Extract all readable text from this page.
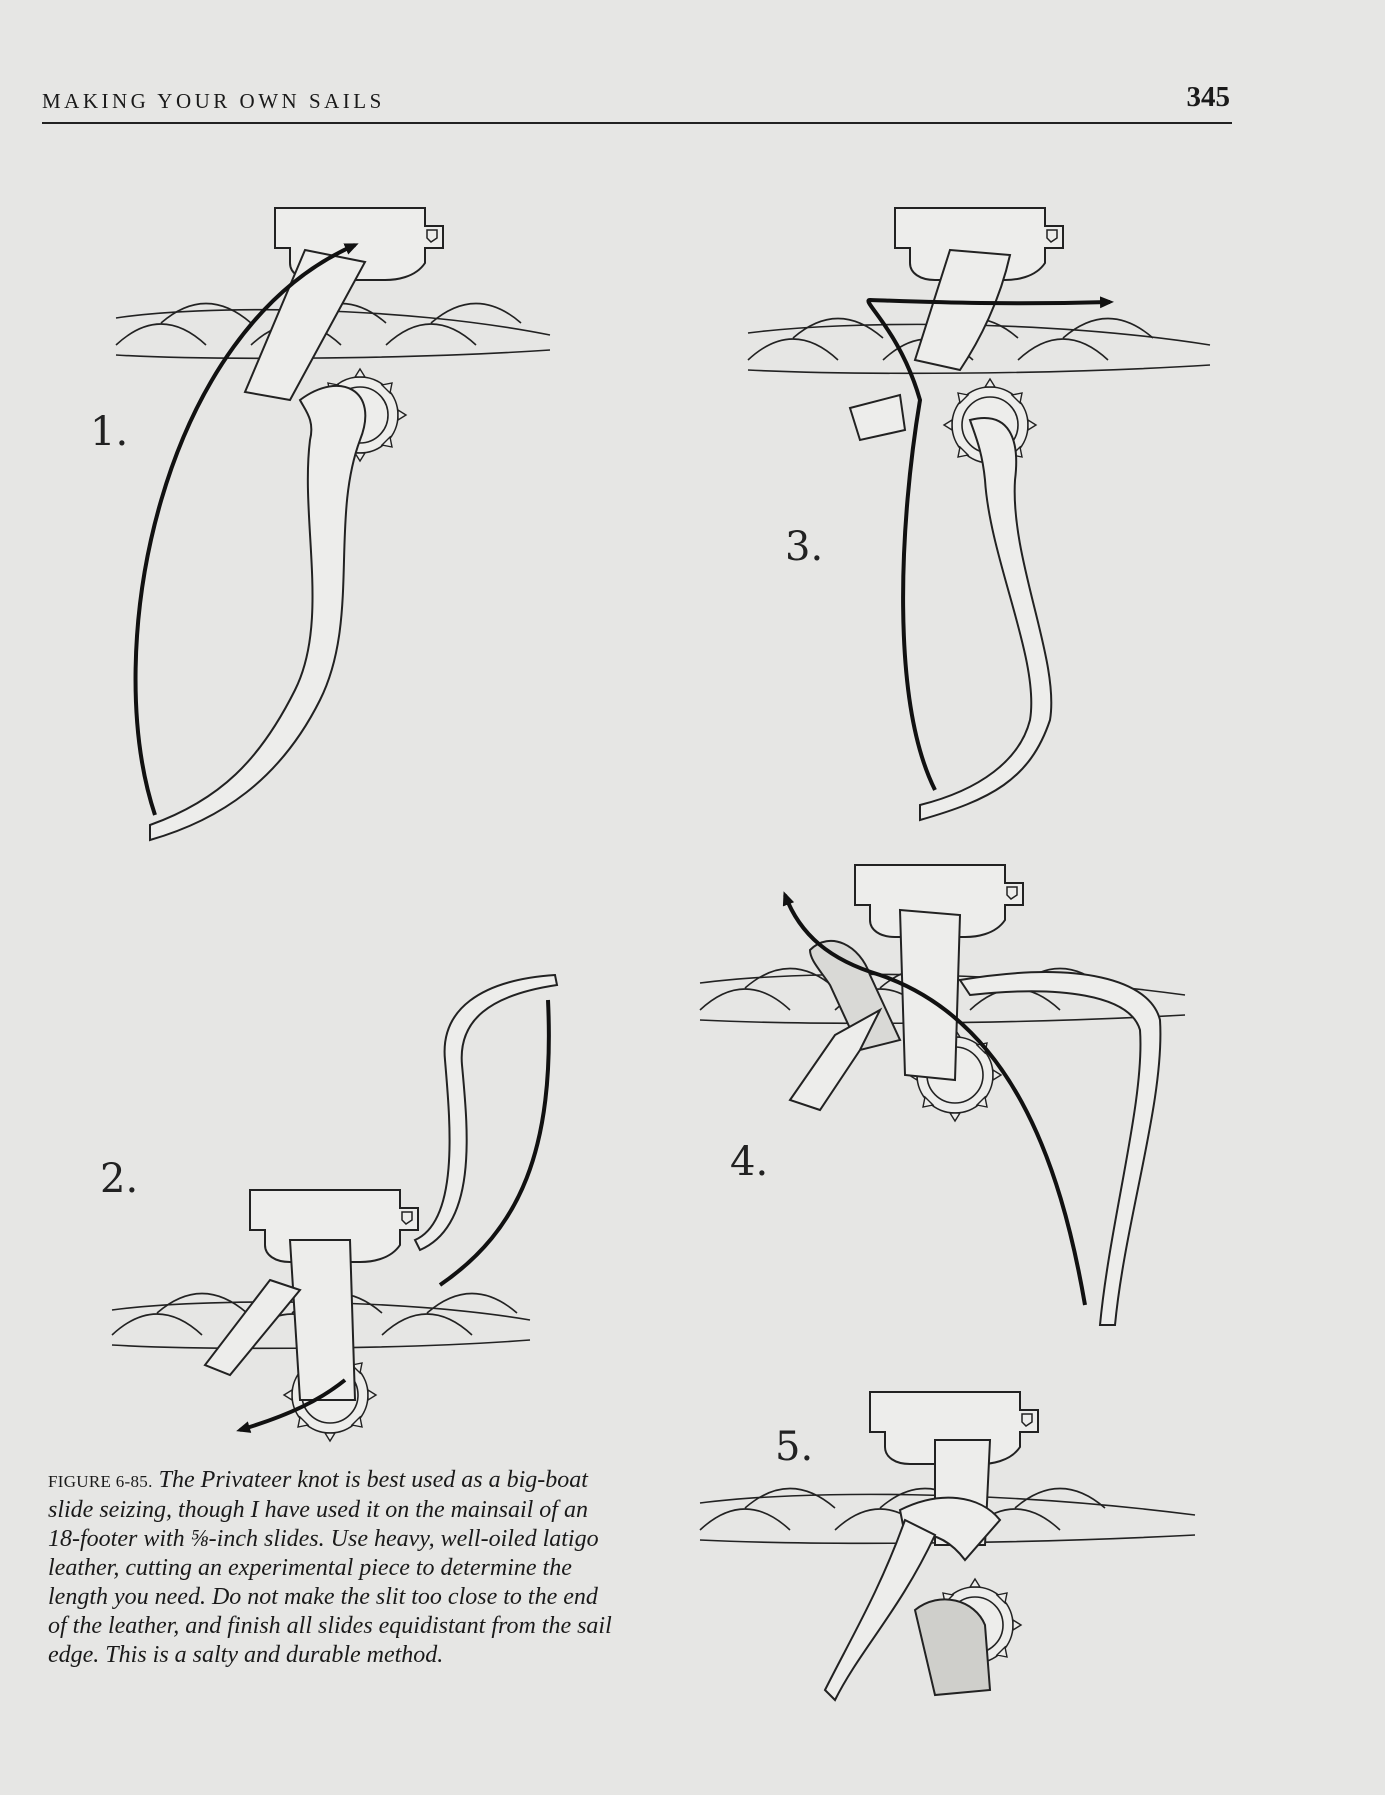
MAKING YOUR OWN SAILS	345
1.
2.
3.
4.
5.
FIGURE 6-85. The Privateer knot is best used as a big-boat slide seizing, though I have used it on the mainsail of an 18-footer with ⅝-inch slides. Use heavy, well-oiled latigo leather, cutting an experimental piece to determine the length you need. Do not make the slit too close to the end of the leather, and finish all slides equidistant from the sail edge. This is a salty and durable method.
